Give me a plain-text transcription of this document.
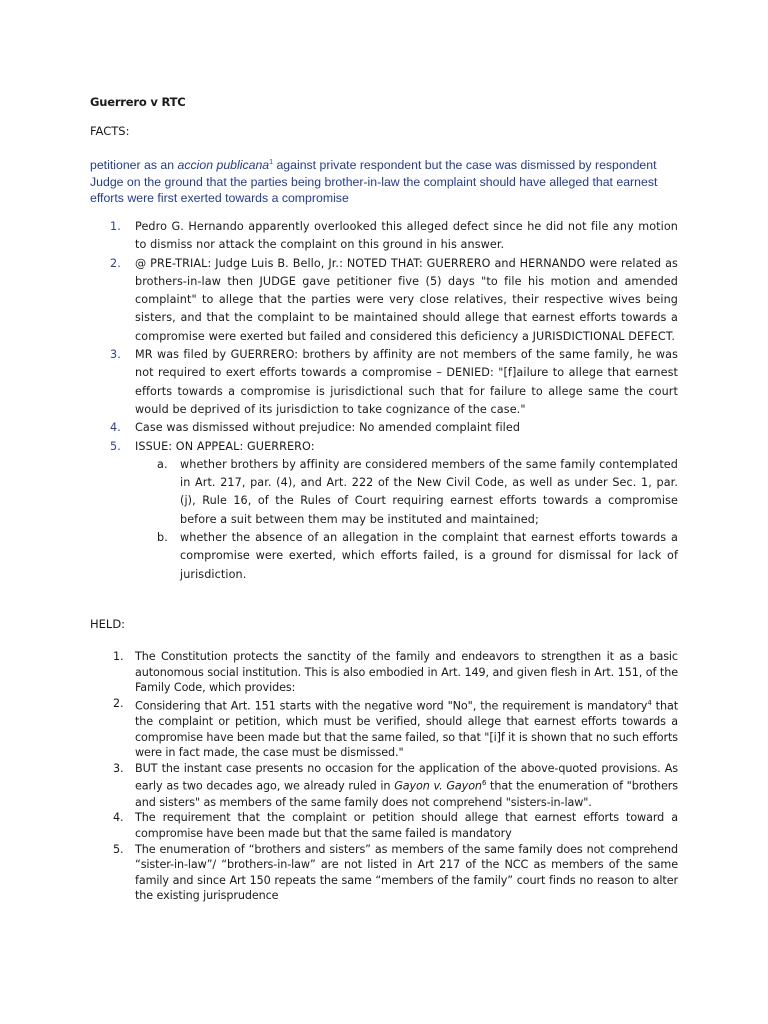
Guerrero v RTC
FACTS:
petitioner as an accion publicana$^1$ against private respondent but the case was dismissed by respondent Judge on the ground that the parties being brother-in-law the complaint should have alleged that earnest efforts were first exerted towards a compromise
1. Pedro G. Hernando apparently overlooked this alleged defect since he did not file any motion to dismiss nor attack the complaint on this ground in his answer.
2. @ PRE-TRIAL: Judge Luis B. Bello, Jr.: NOTED THAT: GUERRERO and HERNANDO were related as brothers-in-law then JUDGE gave petitioner five (5) days "to file his motion and amended complaint" to allege that the parties were very close relatives, their respective wives being sisters, and that the complaint to be maintained should allege that earnest efforts towards a compromise were exerted but failed and considered this deficiency a JURISDICTIONAL DEFECT.
3. MR was filed by GUERRERO: brothers by affinity are not members of the same family, he was not required to exert efforts towards a compromise – DENIED: "[f]ailure to allege that earnest efforts towards a compromise is jurisdictional such that for failure to allege same the court would be deprived of its jurisdiction to take cognizance of the case."
4. Case was dismissed without prejudice: No amended complaint filed
5. ISSUE: ON APPEAL: GUERRERO:
a. whether brothers by affinity are considered members of the same family contemplated in Art. 217, par. (4), and Art. 222 of the New Civil Code, as well as under Sec. 1, par. (j), Rule 16, of the Rules of Court requiring earnest efforts towards a compromise before a suit between them may be instituted and maintained;
b. whether the absence of an allegation in the complaint that earnest efforts towards a compromise were exerted, which efforts failed, is a ground for dismissal for lack of jurisdiction.
HELD:
1. The Constitution protects the sanctity of the family and endeavors to strengthen it as a basic autonomous social institution. This is also embodied in Art. 149, and given flesh in Art. 151, of the Family Code, which provides:
2. Considering that Art. 151 starts with the negative word "No", the requirement is mandatory$^4$ that the complaint or petition, which must be verified, should allege that earnest efforts towards a compromise have been made but that the same failed, so that "[i]f it is shown that no such efforts were in fact made, the case must be dismissed."
3. BUT the instant case presents no occasion for the application of the above-quoted provisions. As early as two decades ago, we already ruled in Gayon v. Gayon$^6$ that the enumeration of "brothers and sisters" as members of the same family does not comprehend "sisters-in-law".
4. The requirement that the complaint or petition should allege that earnest efforts toward a compromise have been made but that the same failed is mandatory
5. The enumeration of “brothers and sisters” as members of the same family does not comprehend “sister-in-law”/ “brothers-in-law” are not listed in Art 217 of the NCC as members of the same family and since Art 150 repeats the same “members of the family” court finds no reason to alter the existing jurisprudence
